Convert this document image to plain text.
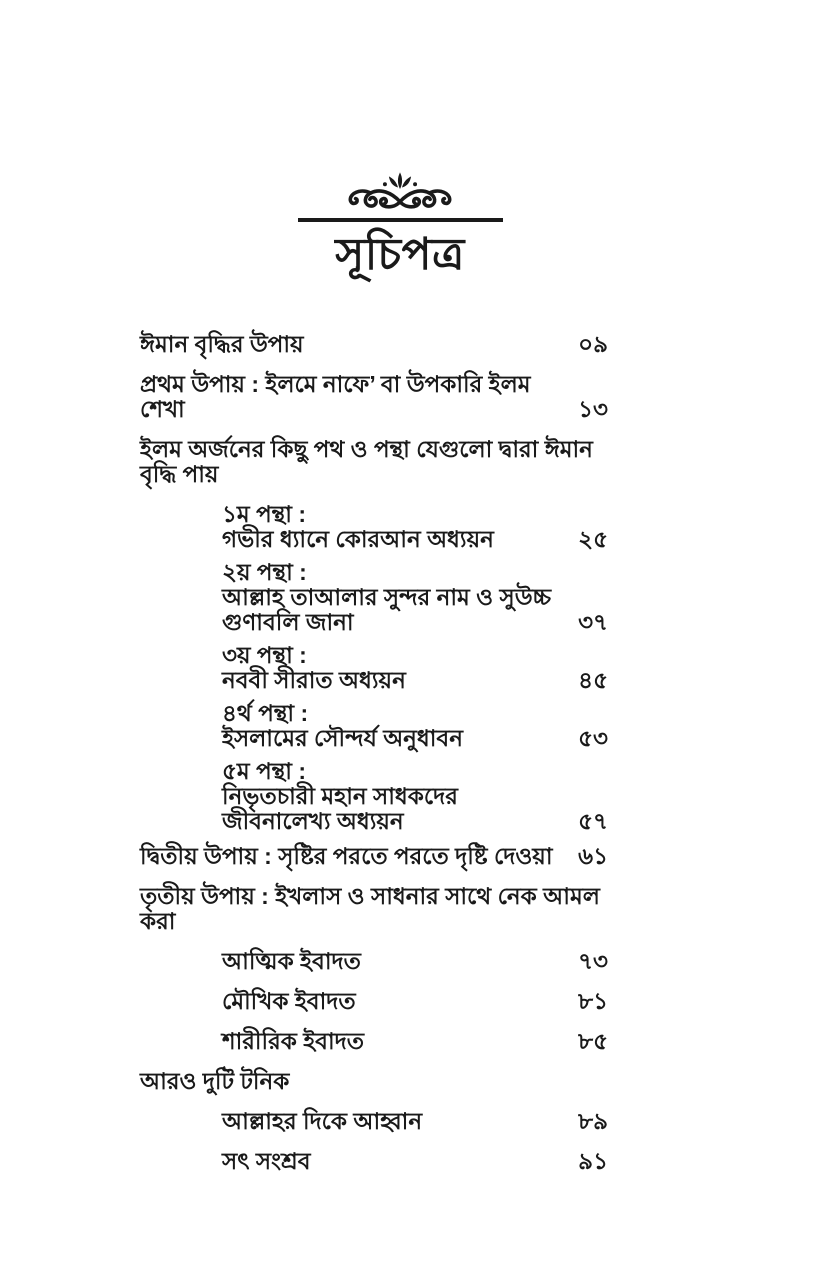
সূচিপত্র
ঈমান বৃদ্ধির উপায়	০৯
প্রথম উপায় : ইলমে নাফে’ বা উপকারি ইলম শেখা	১৩
ইলম অর্জনের কিছু পথ ও পন্থা যেগুলো দ্বারা ঈমান বৃদ্ধি পায়
১ম পন্থা :
গভীর ধ্যানে কোরআন অধ্যয়ন	২৫
২য় পন্থা :
আল্লাহ তাআলার সুন্দর নাম ও সুউচ্চ গুণাবলি জানা	৩৭
৩য় পন্থা :
নববী সীরাত অধ্যয়ন	৪৫
৪র্থ পন্থা :
ইসলামের সৌন্দর্য অনুধাবন	৫৩
৫ম পন্থা :
নিভৃতচারী মহান সাধকদের জীবনালেখ্য অধ্যয়ন	৫৭
দ্বিতীয় উপায় : সৃষ্টির পরতে পরতে দৃষ্টি দেওয়া ৬১
তৃতীয় উপায় : ইখলাস ও সাধনার সাথে নেক আমল করা
আত্মিক ইবাদত	৭৩
মৌখিক ইবাদত	৮১
শারীরিক ইবাদত	৮৫
আরও দুটি টনিক
আল্লাহর দিকে আহ্বান	৮৯
সৎ সংশ্রব	৯১
